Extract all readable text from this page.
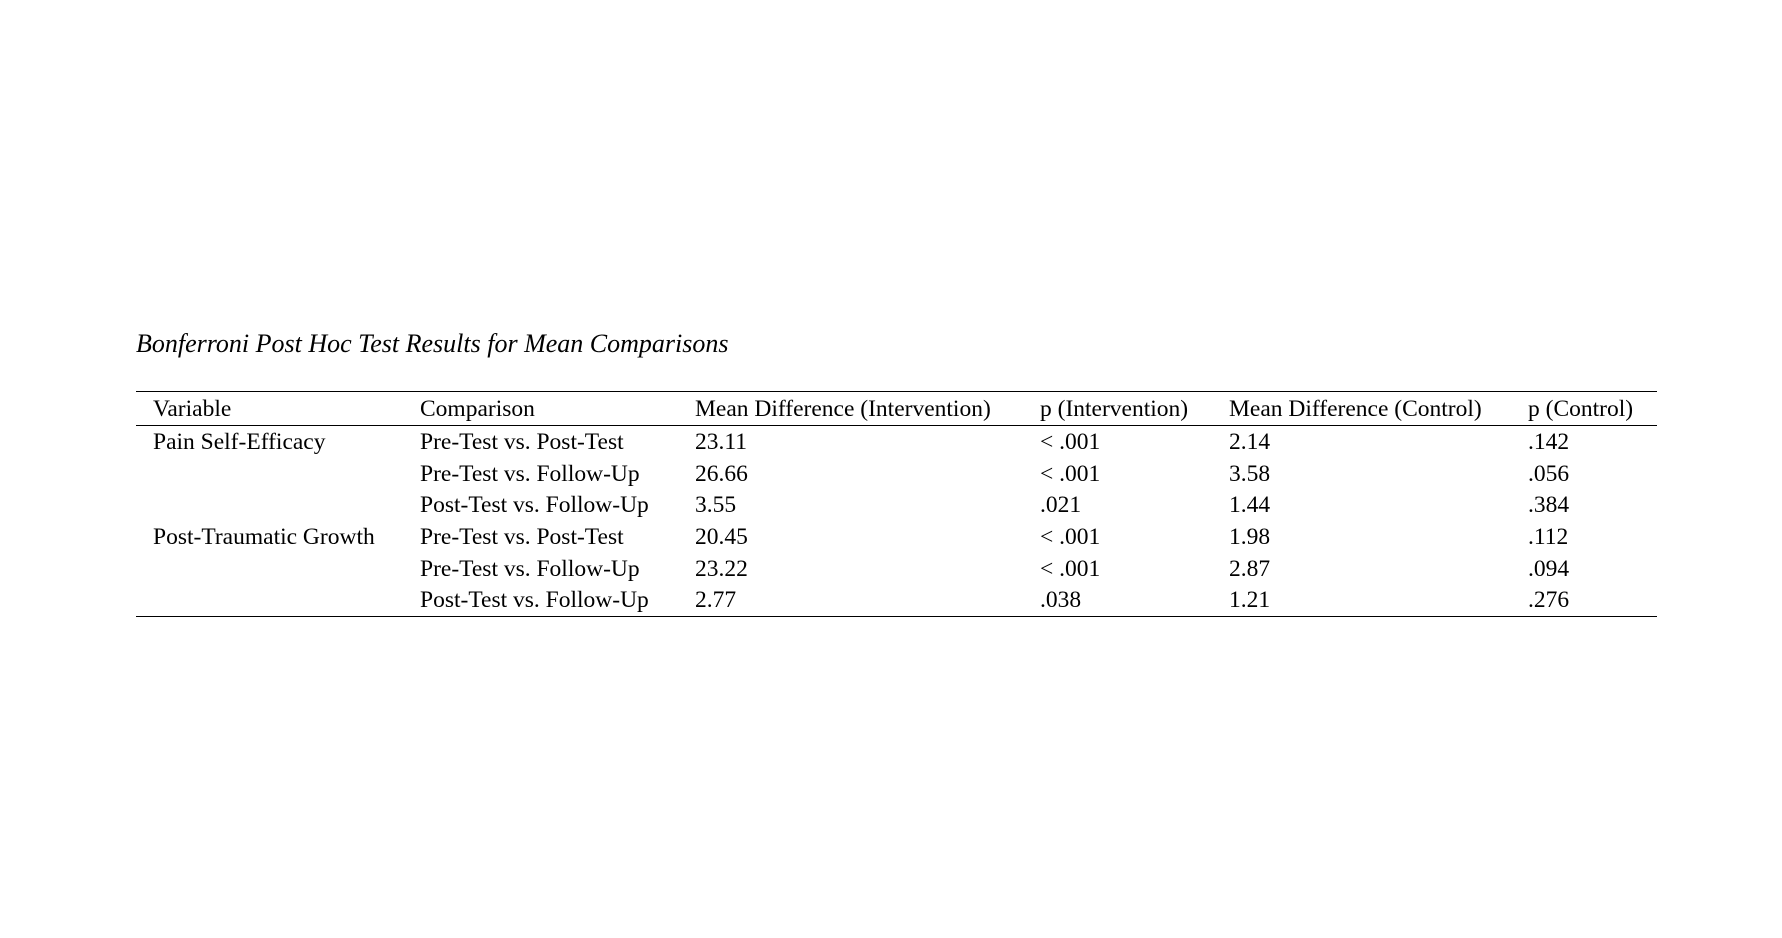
Bonferroni Post Hoc Test Results for Mean Comparisons
Variable	Comparison	Mean Difference (Intervention)	p (Intervention)	Mean Difference (Control)	p (Control)
Pain Self-Efficacy	Pre-Test vs. Post-Test	23.11	< .001	2.14	.142
	Pre-Test vs. Follow-Up	26.66	< .001	3.58	.056
	Post-Test vs. Follow-Up	3.55	.021	1.44	.384
Post-Traumatic Growth	Pre-Test vs. Post-Test	20.45	< .001	1.98	.112
	Pre-Test vs. Follow-Up	23.22	< .001	2.87	.094
	Post-Test vs. Follow-Up	2.77	.038	1.21	.276
